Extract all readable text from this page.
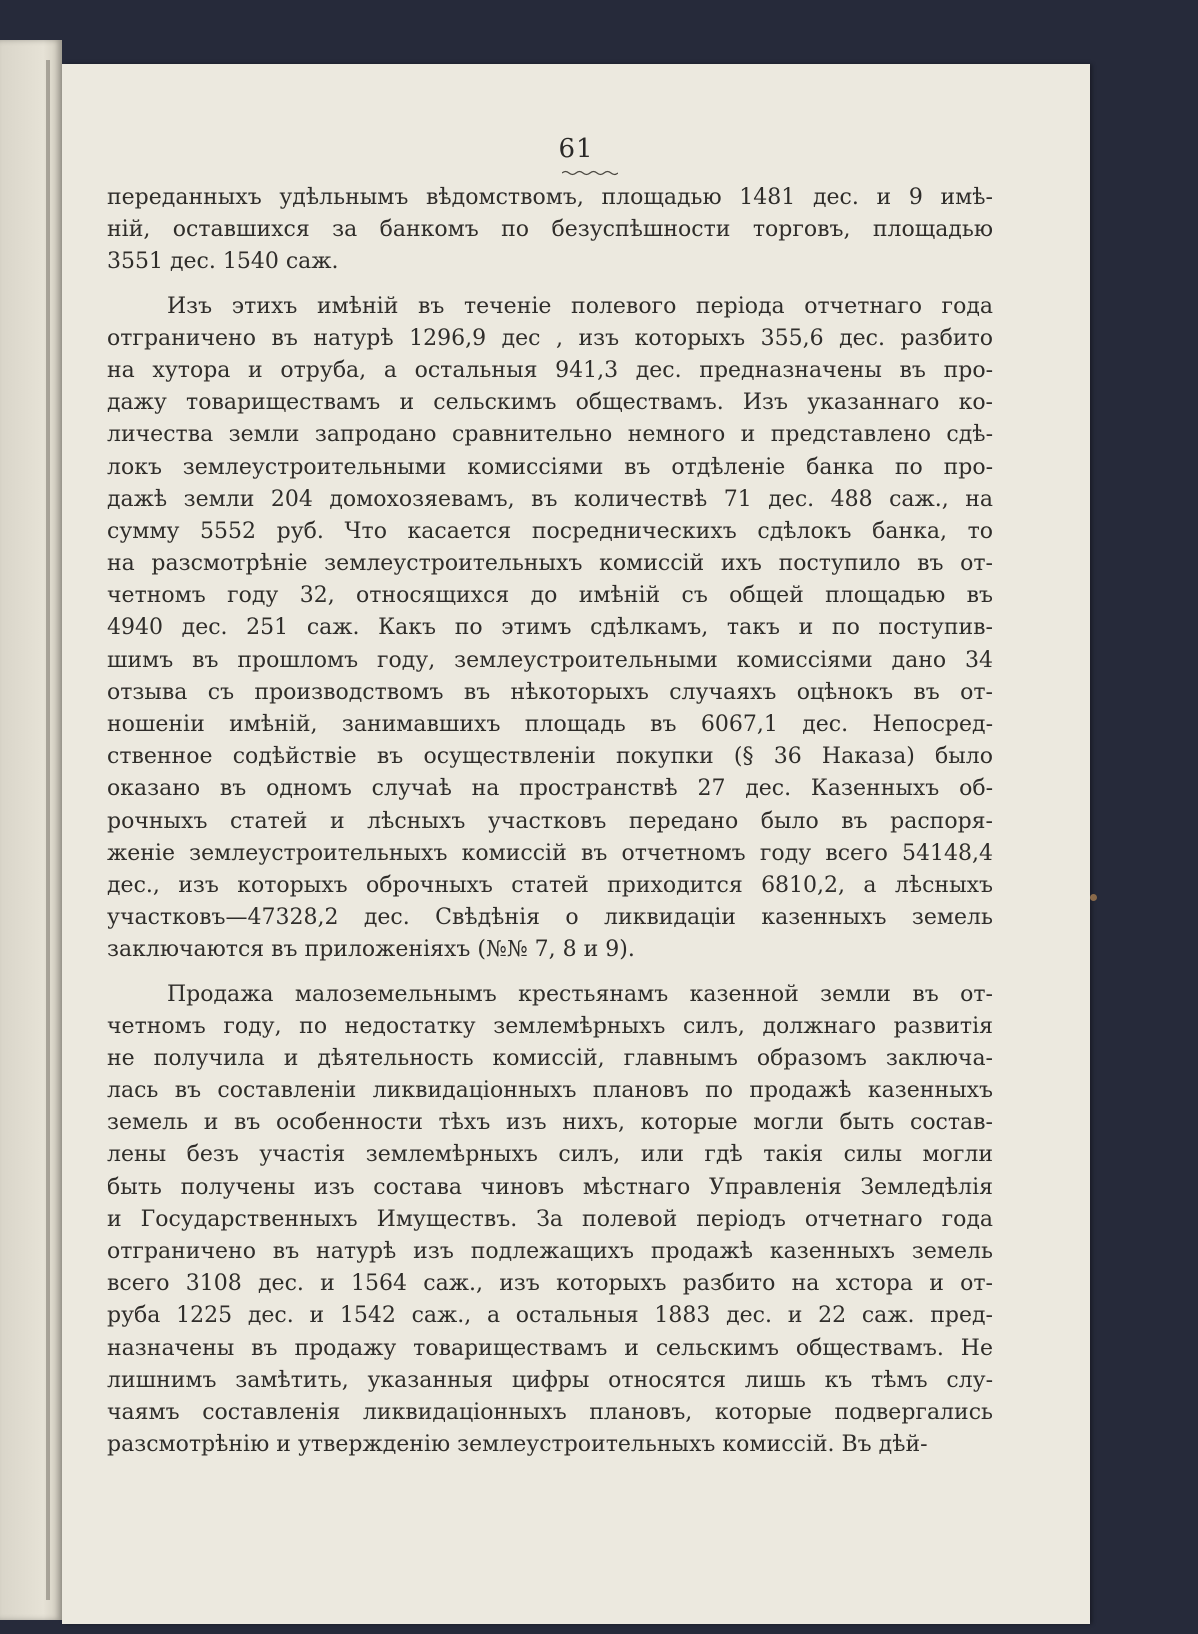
61
переданныхъ удѣльнымъ вѣдомствомъ, площадью 1481 дес. и 9 имѣ-
ній, оставшихся за банкомъ по безуспѣшности торговъ, площадью
3551 дес. 1540 саж.
Изъ этихъ имѣній въ теченіе полевого періода отчетнаго года
отграничено въ натурѣ 1296,9 дес , изъ которыхъ 355,6 дес. разбито
на хутора и отруба, а остальныя 941,3 дес. предназначены въ про-
дажу товариществамъ и сельскимъ обществамъ. Изъ указаннаго ко-
личества земли запродано сравнительно немного и представлено сдѣ-
локъ землеустроительными комиссіями въ отдѣленіе банка по про-
дажѣ земли 204 домохозяевамъ, въ количествѣ 71 дес. 488 саж., на
сумму 5552 руб. Что касается посредническихъ сдѣлокъ банка, то
на разсмотрѣніе землеустроительныхъ комиссій ихъ поступило въ от-
четномъ году 32, относящихся до имѣній съ общей площадью въ
4940 дес. 251 саж. Какъ по этимъ сдѣлкамъ, такъ и по поступив-
шимъ въ прошломъ году, землеустроительными комиссіями дано 34
отзыва съ производствомъ въ нѣкоторыхъ случаяхъ оцѣнокъ въ от-
ношеніи имѣній, занимавшихъ площадь въ 6067,1 дес. Непосред-
ственное содѣйствіе въ осуществленіи покупки (§ 36 Наказа) было
оказано въ одномъ случаѣ на пространствѣ 27 дес. Казенныхъ об-
рочныхъ статей и лѣсныхъ участковъ передано было въ распоря-
женіе землеустроительныхъ комиссій въ отчетномъ году всего 54148,4
дес., изъ которыхъ оброчныхъ статей приходится 6810,2, а лѣсныхъ
участковъ—47328,2 дес. Свѣдѣнія о ликвидаціи казенныхъ земель
заключаются въ приложеніяхъ (№№ 7, 8 и 9).
Продажа малоземельнымъ крестьянамъ казенной земли въ от-
четномъ году, по недостатку землемѣрныхъ силъ, должнаго развитія
не получила и дѣятельность комиссій, главнымъ образомъ заключа-
лась въ составленіи ликвидаціонныхъ плановъ по продажѣ казенныхъ
земель и въ особенности тѣхъ изъ нихъ, которые могли быть состав-
лены безъ участія землемѣрныхъ силъ, или гдѣ такія силы могли
быть получены изъ состава чиновъ мѣстнаго Управленія Земледѣлія
и Государственныхъ Имуществъ. За полевой періодъ отчетнаго года
отграничено въ натурѣ изъ подлежащихъ продажѣ казенныхъ земель
всего 3108 дес. и 1564 саж., изъ которыхъ разбито на хстора и от-
руба 1225 дес. и 1542 саж., а остальныя 1883 дес. и 22 саж. пред-
назначены въ продажу товариществамъ и сельскимъ обществамъ. Не
лишнимъ замѣтить, указанныя цифры относятся лишь къ тѣмъ слу-
чаямъ составленія ликвидаціонныхъ плановъ, которые подвергались
разсмотрѣнію и утвержденію землеустроительныхъ комиссій. Въ дѣй-
